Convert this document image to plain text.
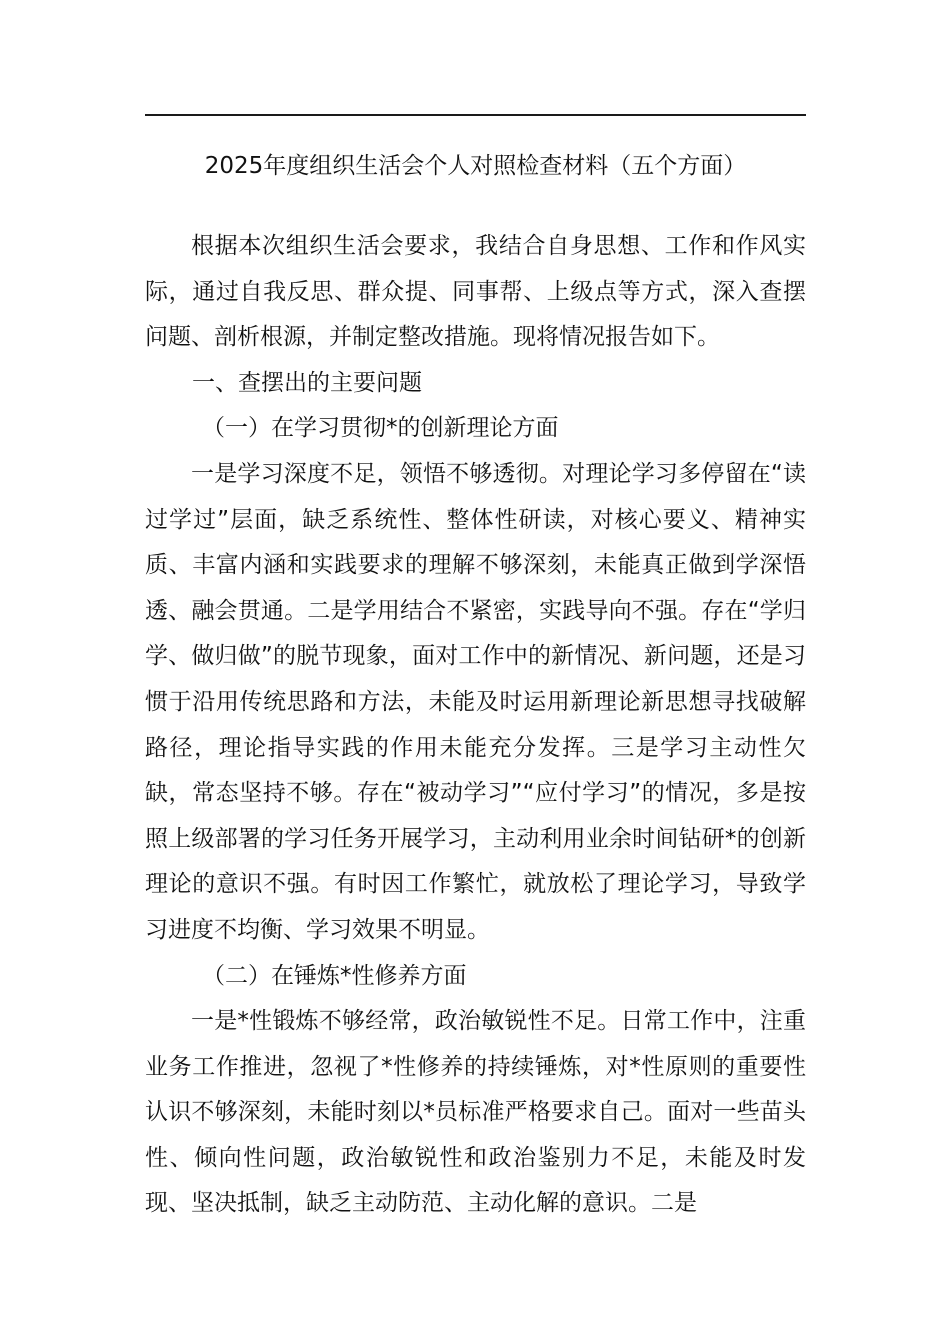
2025年度组织生活会个人对照检查材料（五个方面）

根据本次组织生活会要求，我结合自身思想、工作和作风实际，通过自我反思、群众提、同事帮、上级点等方式，深入查摆问题、剖析根源，并制定整改措施。现将情况报告如下。

一、查摆出的主要问题

（一）在学习贯彻*的创新理论方面

一是学习深度不足，领悟不够透彻。对理论学习多停留在“读过学过”层面，缺乏系统性、整体性研读，对核心要义、精神实质、丰富内涵和实践要求的理解不够深刻，未能真正做到学深悟透、融会贯通。二是学用结合不紧密，实践导向不强。存在“学归学、做归做”的脱节现象，面对工作中的新情况、新问题，还是习惯于沿用传统思路和方法，未能及时运用新理论新思想寻找破解路径，理论指导实践的作用未能充分发挥。三是学习主动性欠缺，常态坚持不够。存在“被动学习”“应付学习”的情况，多是按照上级部署的学习任务开展学习，主动利用业余时间钻研*的创新理论的意识不强。有时因工作繁忙，就放松了理论学习，导致学习进度不均衡、学习效果不明显。

（二）在锤炼*性修养方面

一是*性锻炼不够经常，政治敏锐性不足。日常工作中，注重业务工作推进，忽视了*性修养的持续锤炼，对*性原则的重要性认识不够深刻，未能时刻以*员标准严格要求自己。面对一些苗头性、倾向性问题，政治敏锐性和政治鉴别力不足，未能及时发现、坚决抵制，缺乏主动防范、主动化解的意识。二是
